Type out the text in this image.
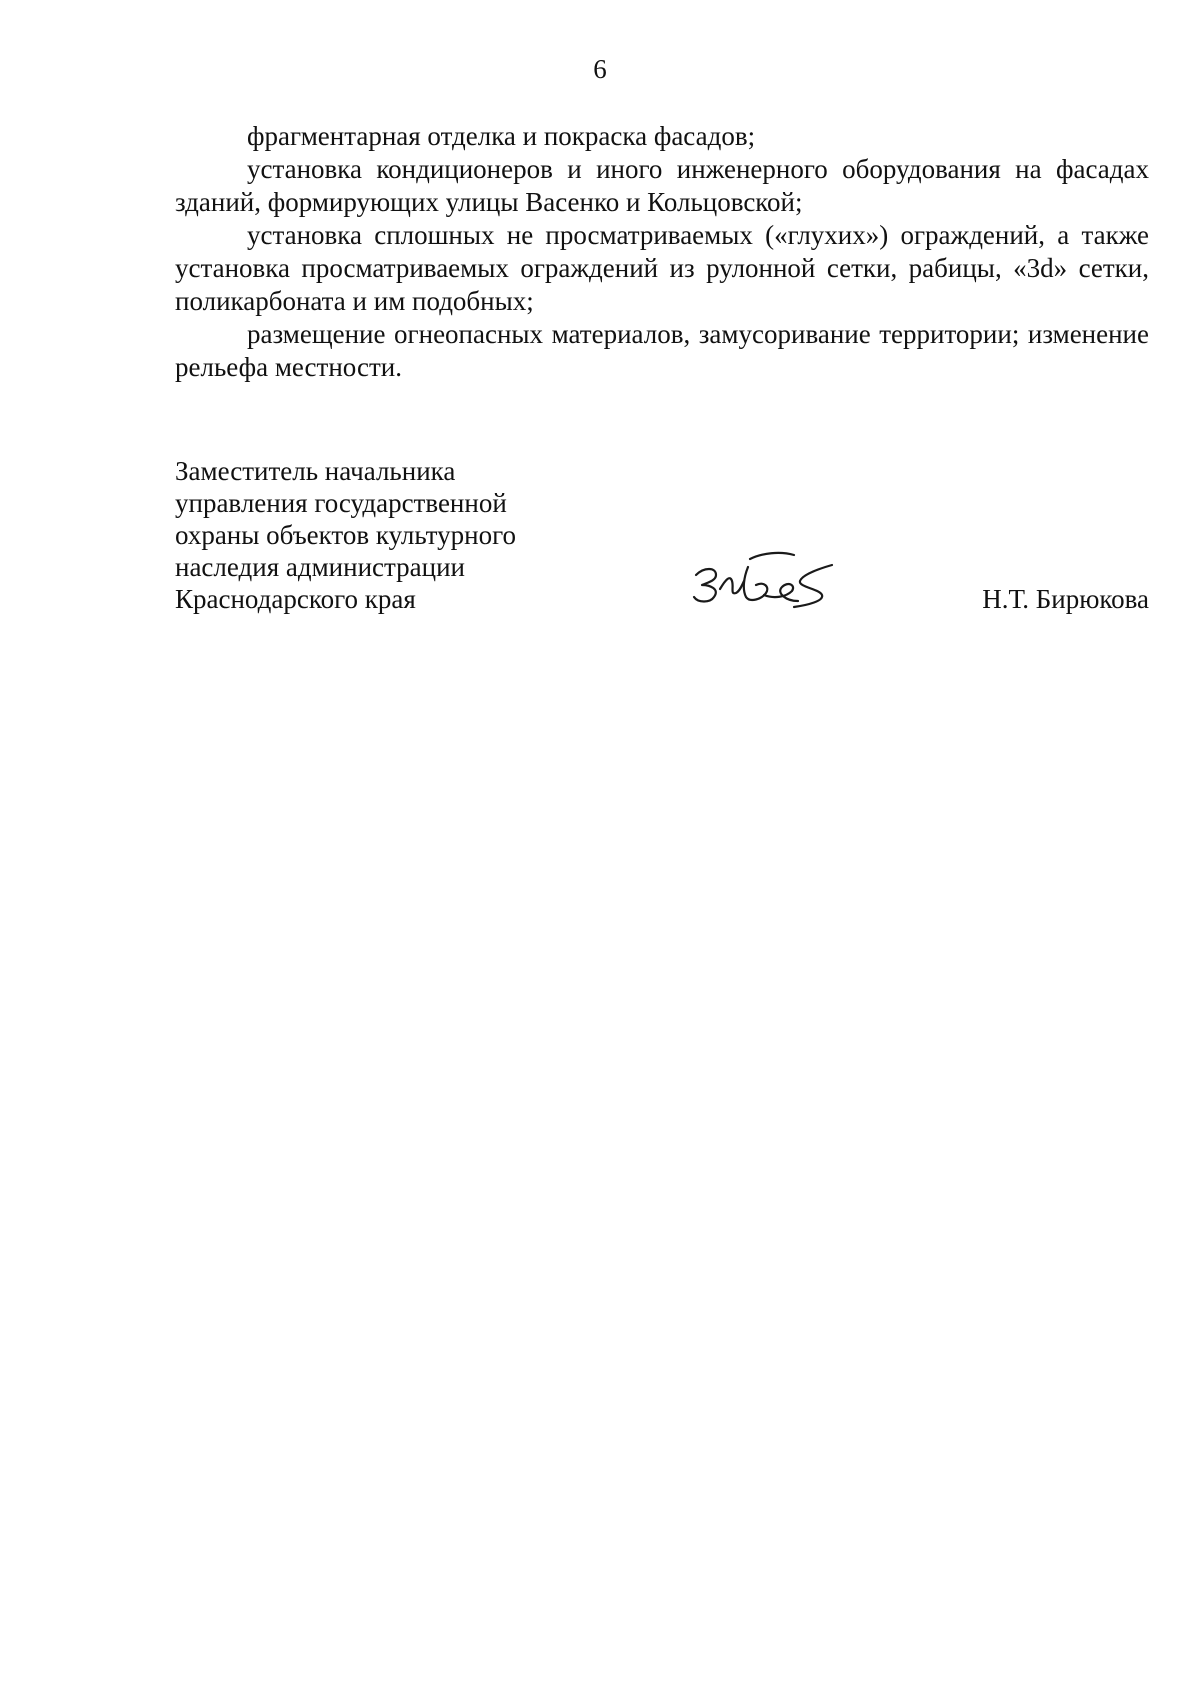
6

фрагментарная отделка и покраска фасадов;

установка кондиционеров и иного инженерного оборудования на фасадах зданий, формирующих улицы Васенко и Кольцовской;

установка сплошных не просматриваемых («глухих») ограждений, а также установка просматриваемых ограждений из рулонной сетки, рабицы, «3d» сетки, поликарбоната и им подобных;

размещение огнеопасных материалов, замусоривание территории; изменение рельефа местности.

Заместитель начальника
управления государственной
охраны объектов культурного
наследия администрации
Краснодарского края	Н.Т. Бирюкова
